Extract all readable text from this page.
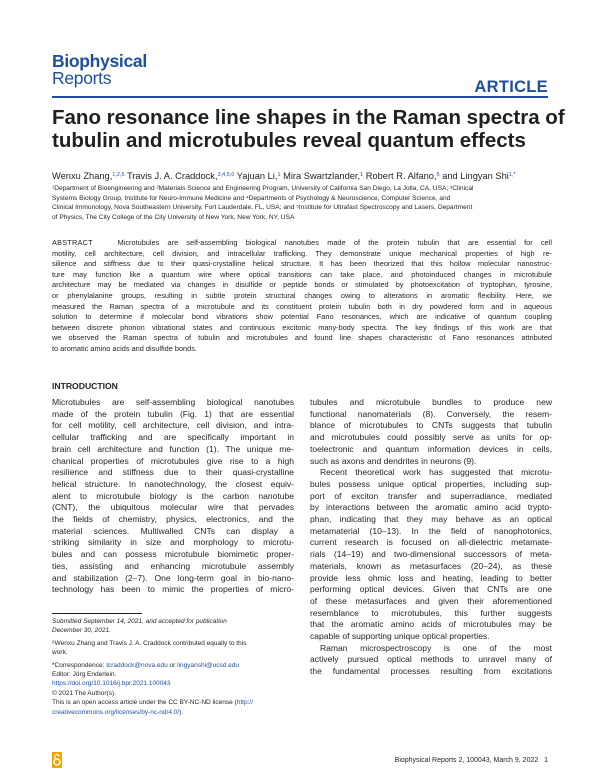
Biophysical
Reports	ARTICLE
Fano resonance line shapes in the Raman spectra of
tubulin and microtubules reveal quantum effects
Wenxu Zhang,$^{1,2,6}$ Travis J. A. Craddock,$^{3,4,5,6}$ Yajuan Li,$^1$ Mira Swartzlander,$^1$ Robert R. Alfano,$^5$ and Lingyan Shi$^{1,*}$
¹Department of Bioengineering and ²Materials Science and Engineering Program, University of California San Diego, La Jolla, CA, USA; ³Clinical
Systems Biology Group, Institute for Neuro-Immune Medicine and ⁴Departments of Psychology & Neuroscience, Computer Science, and
Clinical Immunology, Nova Southeastern University, Fort Lauderdale, FL, USA; and ⁵Institute for Ultrafast Spectroscopy and Lasers, Department
of Physics, The City College of the City University of New York, New York, NY, USA
ABSTRACT	Microtubules are self-assembling biological nanotubes made of the protein tubulin that are essential for cell
motility, cell architecture, cell division, and intracellular trafficking. They demonstrate unique mechanical properties of high re-
silience and stiffness due to their quasi-crystalline helical structure. It has been theorized that this hollow molecular nanostruc-
ture may function like a quantum wire where optical transitions can take place, and photoinduced changes in microtubule
architecture may be mediated via changes in disulfide or peptide bonds or stimulated by photoexcitation of tryptophan, tyrosine,
or phenylalanine groups, resulting in subtle protein structural changes owing to alterations in aromatic flexibility. Here, we
measured the Raman spectra of a microtubule and its constituent protein tubulin both in dry powdered form and in aqueous
solution to determine if molecular bond vibrations show potential Fano resonances, which are indicative of quantum coupling
between discrete phonon vibrational states and continuous excitonic many-body spectra. The key findings of this work are that
we observed the Raman spectra of tubulin and microtubules and found line shapes characteristic of Fano resonances attributed
to aromatic amino acids and disulfide bonds.
INTRODUCTION
Microtubules are self-assembling biological nanotubes
made of the protein tubulin (Fig. 1) that are essential
for cell motility, cell architecture, cell division, and intra-
cellular trafficking and are specifically important in
brain cell architecture and function (1). The unique me-
chanical properties of microtubules give rise to a high
resilience and stiffness due to their quasi-crystalline
helical structure. In nanotechnology, the closest equiv-
alent to microtubule biology is the carbon nanotube
(CNT), the ubiquitous molecular wire that pervades
the fields of chemistry, physics, electronics, and the
material sciences. Multiwalled CNTs can display a
striking similarity in size and morphology to microtu-
bules and can possess microtubule biomimetic proper-
ties, assisting and enhancing microtubule assembly
and stabilization (2–7). One long-term goal in bio-nano-
technology has been to mimic the properties of micro-
tubules and microtubule bundles to produce new
functional nanomaterials (8). Conversely, the resem-
blance of microtubules to CNTs suggests that tubulin
and microtubules could possibly serve as units for op-
toelectronic and quantum information devices in cells,
such as axons and dendrites in neurons (9).
Recent theoretical work has suggested that microtu-
bules possess unique optical properties, including sup-
port of exciton transfer and superradiance, mediated
by interactions between the aromatic amino acid trypto-
phan, indicating that they may behave as an optical
metamaterial (10–13). In the field of nanophotonics,
current research is focused on all-dielectric metamate-
rials (14–19) and two-dimensional successors of meta-
materials, known as metasurfaces (20–24), as these
provide less ohmic loss and heating, leading to better
performing optical devices. Given that CNTs are one
of these metasurfaces and given their aforementioned
resemblance to microtubules, this further suggests
that the aromatic amino acids of microtubules may be
capable of supporting unique optical properties.
Raman microspectroscopy is one of the most
actively pursued optical methods to unravel many of
the fundamental processes resulting from excitations
Submitted September 14, 2021, and accepted for publication
December 30, 2021.
⁶Wenxu Zhang and Travis J. A. Craddock contributed equally to this
work.
*Correspondence: tcraddock@nova.edu or lingyanshi@ucsd.edu
Editor: Jörg Enderlein.
https://doi.org/10.1016/j.bpr.2021.100043
© 2021 The Author(s).
This is an open access article under the CC BY-NC-ND license (http://
creativecommons.org/licenses/by-nc-nd/4.0/).
Biophysical Reports 2, 100043, March 9, 2022 1
